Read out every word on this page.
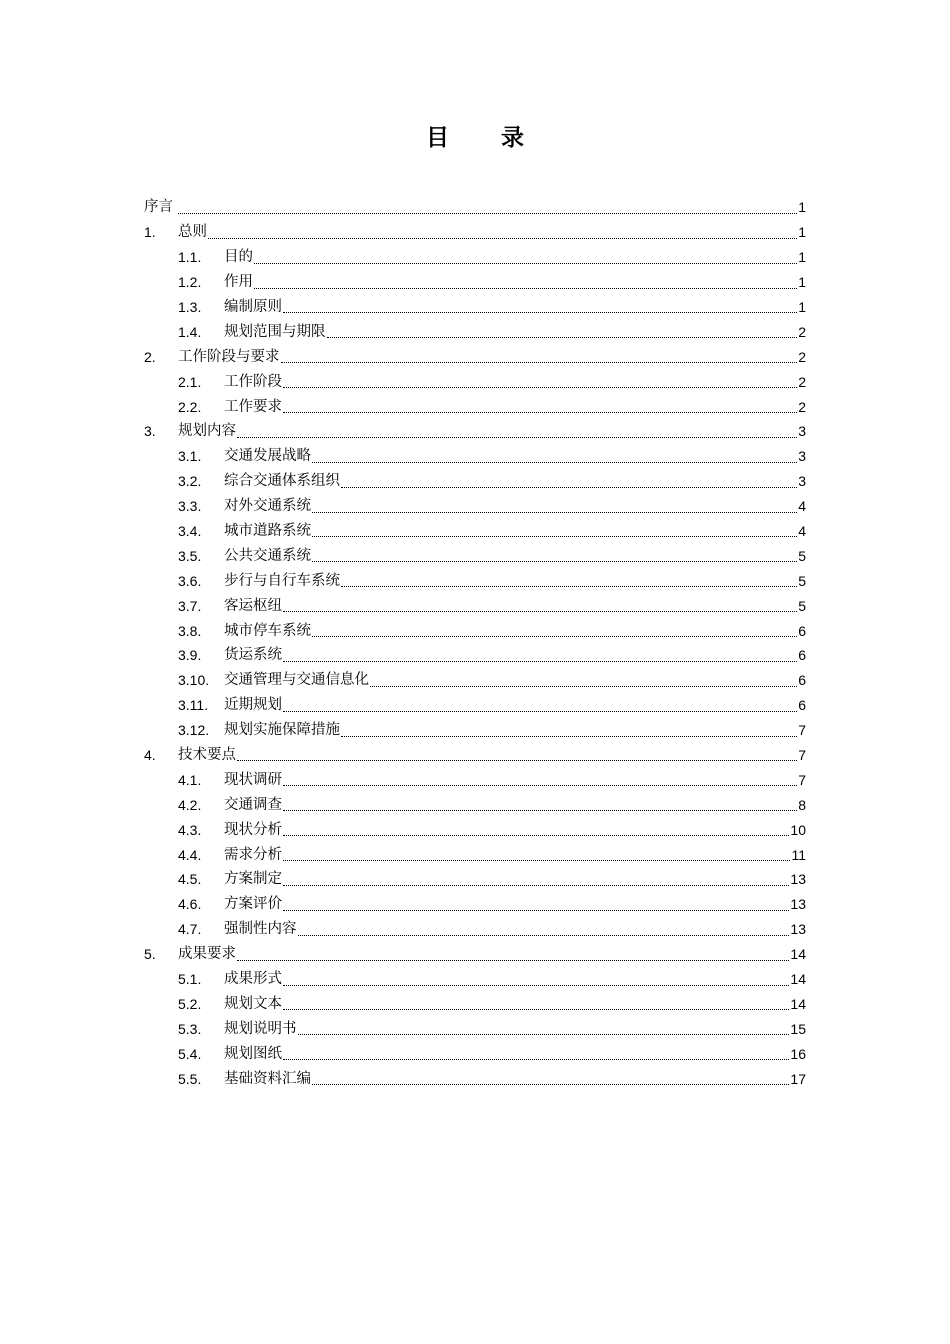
目 录
序言	1
1.	总则	1
1.1.	目的	1
1.2.	作用	1
1.3.	编制原则	1
1.4.	规划范围与期限	2
2.	工作阶段与要求	2
2.1.	工作阶段	2
2.2.	工作要求	2
3.	规划内容	3
3.1.	交通发展战略	3
3.2.	综合交通体系组织	3
3.3.	对外交通系统	4
3.4.	城市道路系统	4
3.5.	公共交通系统	5
3.6.	步行与自行车系统	5
3.7.	客运枢纽	5
3.8.	城市停车系统	6
3.9.	货运系统	6
3.10.	交通管理与交通信息化	6
3.11.	近期规划	6
3.12.	规划实施保障措施	7
4.	技术要点	7
4.1.	现状调研	7
4.2.	交通调查	8
4.3.	现状分析	10
4.4.	需求分析	11
4.5.	方案制定	13
4.6.	方案评价	13
4.7.	强制性内容	13
5.	成果要求	14
5.1.	成果形式	14
5.2.	规划文本	14
5.3.	规划说明书	15
5.4.	规划图纸	16
5.5.	基础资料汇编	17
